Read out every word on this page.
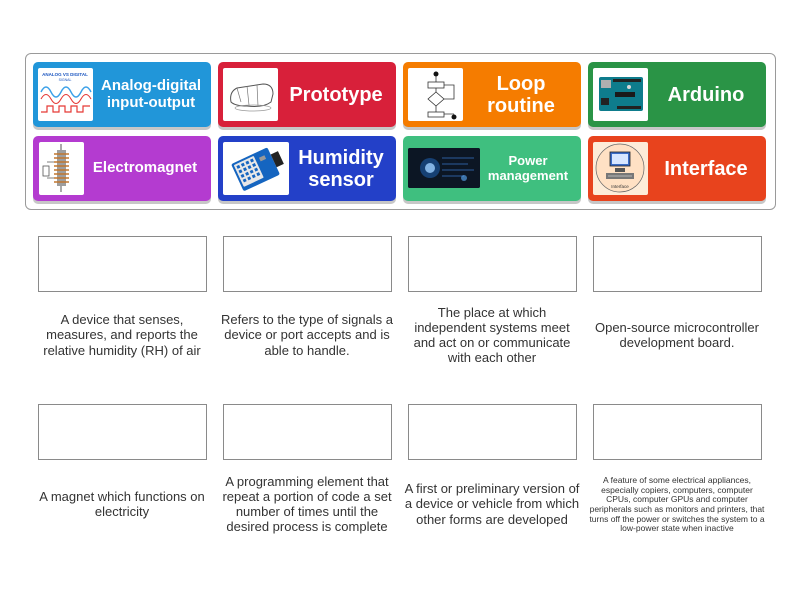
ANALOG VS DIGITAL
SIGNAL	Analog-digital input-output	Prototype	Loop routine	Arduino
Electromagnet	Humidity sensor
Power management
Interface
Interface
A device that senses, measures, and reports the relative humidity (RH) of air
Refers to the type of signals a device or port accepts and is able to handle.
The place at which independent systems meet and act on or communicate with each other
Open-source microcontroller development board.
A magnet which functions on electricity
A programming element that repeat a portion of code a set number of times until the desired process is complete
A first or preliminary version of a device or vehicle from which other forms are developed
A feature of some electrical appliances, especially copiers, computers, computer CPUs, computer GPUs and computer peripherals such as monitors and printers, that turns off the power or switches the system to a low-power state when inactive
